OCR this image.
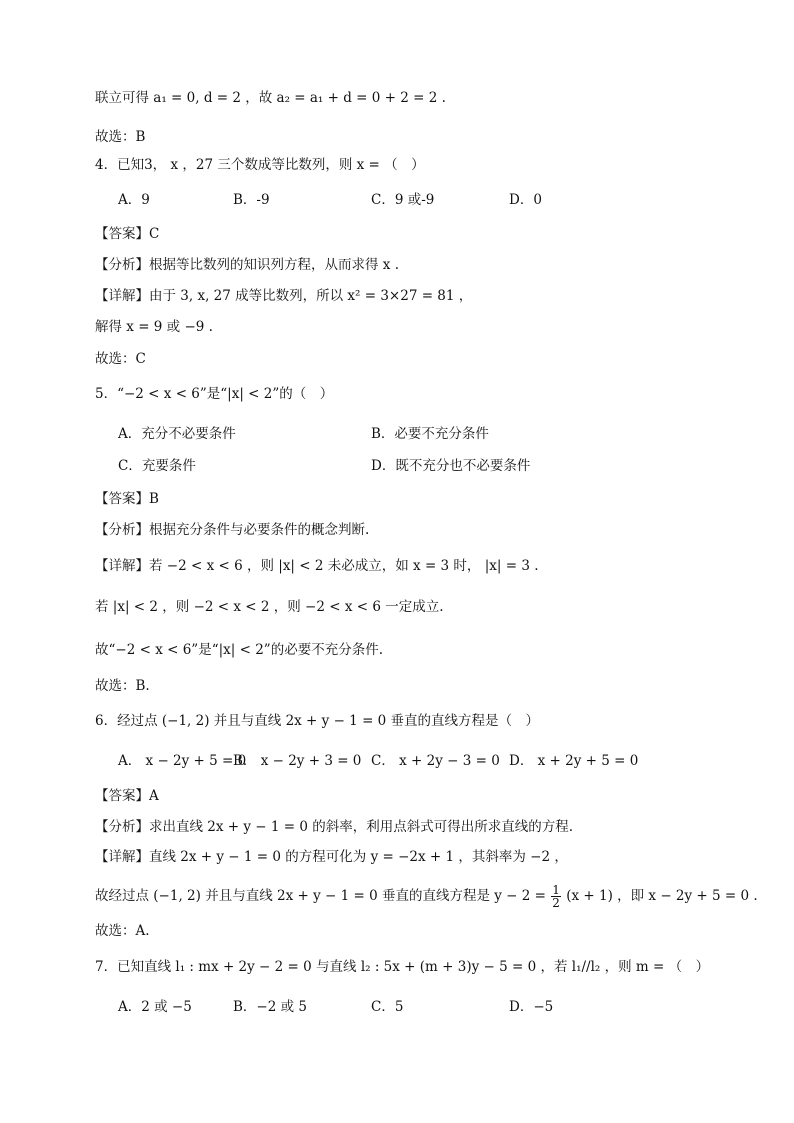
联立可得 a₁ = 0, d = 2 ，故 a₂ = a₁ + d = 0 + 2 = 2 .
故选：B
4．已知3， x ，27 三个数成等比数列，则 x = （　）
A．9	B．-9	C．9 或-9	D．0
【答案】C
【分析】根据等比数列的知识列方程，从而求得 x .
【详解】由于 3, x, 27 成等比数列，所以 x² = 3×27 = 81 ，
解得 x = 9 或 −9 .
故选：C
5．“−2 < x < 6”是“|x| < 2”的（　）
A．充分不必要条件	B．必要不充分条件
C．充要条件	D．既不充分也不必要条件
【答案】B
【分析】根据充分条件与必要条件的概念判断.
【详解】若 −2 < x < 6 ，则 |x| < 2 未必成立，如 x = 3 时， |x| = 3 .
若 |x| < 2 ，则 −2 < x < 2 ，则 −2 < x < 6 一定成立.
故“−2 < x < 6”是“|x| < 2”的必要不充分条件.
故选：B.
6．经过点 (−1, 2) 并且与直线 2x + y − 1 = 0 垂直的直线方程是（　）
A． x − 2y + 5 = 0
B． x − 2y + 3 = 0 C． x + 2y − 3 = 0 D． x + 2y + 5 = 0
【答案】A
【分析】求出直线 2x + y − 1 = 0 的斜率，利用点斜式可得出所求直线的方程.
【详解】直线 2x + y − 1 = 0 的方程可化为 y = −2x + 1 ，其斜率为 −2 ，
故经过点 (−1, 2) 并且与直线 2x + y − 1 = 0 垂直的直线方程是 $y - 2 = \frac{1}{2} (x + 1)$ ，即 x − 2y + 5 = 0 .
故选：A.
7．已知直线 l₁ : mx + 2y − 2 = 0 与直线 l₂ : 5x + (m + 3)y − 5 = 0 ，若 l₁//l₂ ，则 m = （　）
A．2 或 −5	B．−2 或 5	C．5	D．−5
